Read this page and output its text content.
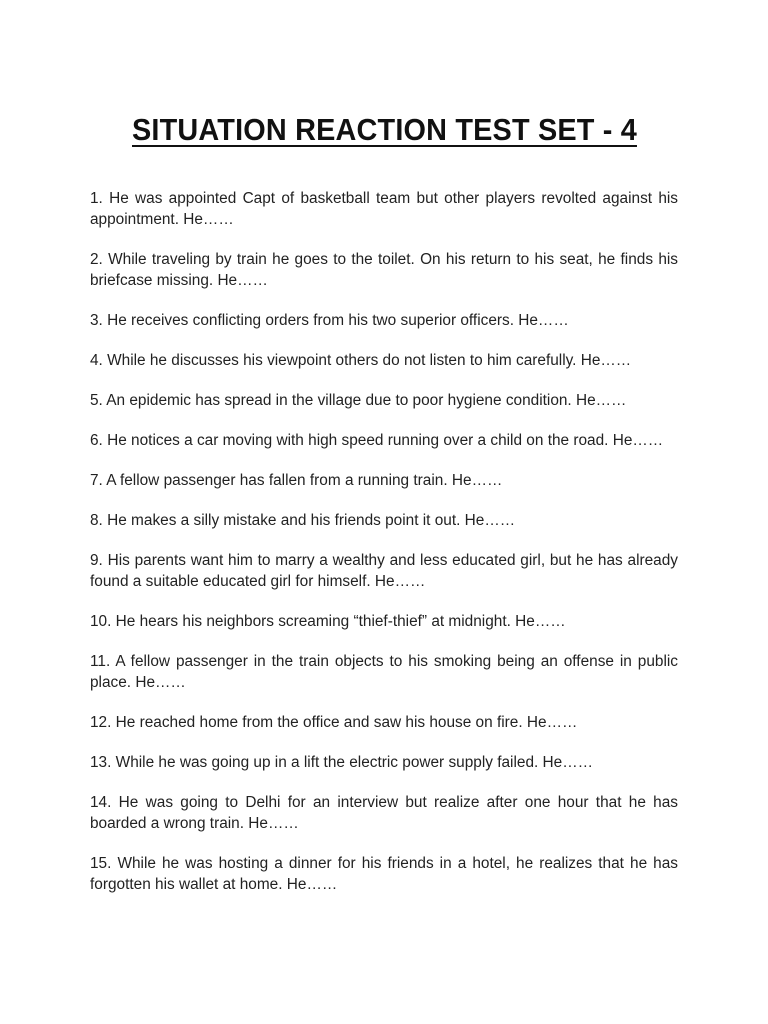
SITUATION REACTION TEST SET - 4
1. He was appointed Capt of basketball team but other players revolted against his appointment. He……
2. While traveling by train he goes to the toilet. On his return to his seat, he finds his briefcase missing. He……
3. He receives conflicting orders from his two superior officers. He……
4. While he discusses his viewpoint others do not listen to him carefully. He……
5. An epidemic has spread in the village due to poor hygiene condition. He……
6. He notices a car moving with high speed running over a child on the road. He……
7. A fellow passenger has fallen from a running train. He……
8. He makes a silly mistake and his friends point it out. He……
9. His parents want him to marry a wealthy and less educated girl, but he has already found a suitable educated girl for himself. He……
10. He hears his neighbors screaming “thief-thief” at midnight. He……
11. A fellow passenger in the train objects to his smoking being an offense in public place. He……
12. He reached home from the office and saw his house on fire. He……
13. While he was going up in a lift the electric power supply failed. He……
14. He was going to Delhi for an interview but realize after one hour that he has boarded a wrong train. He……
15. While he was hosting a dinner for his friends in a hotel, he realizes that he has forgotten his wallet at home. He……
